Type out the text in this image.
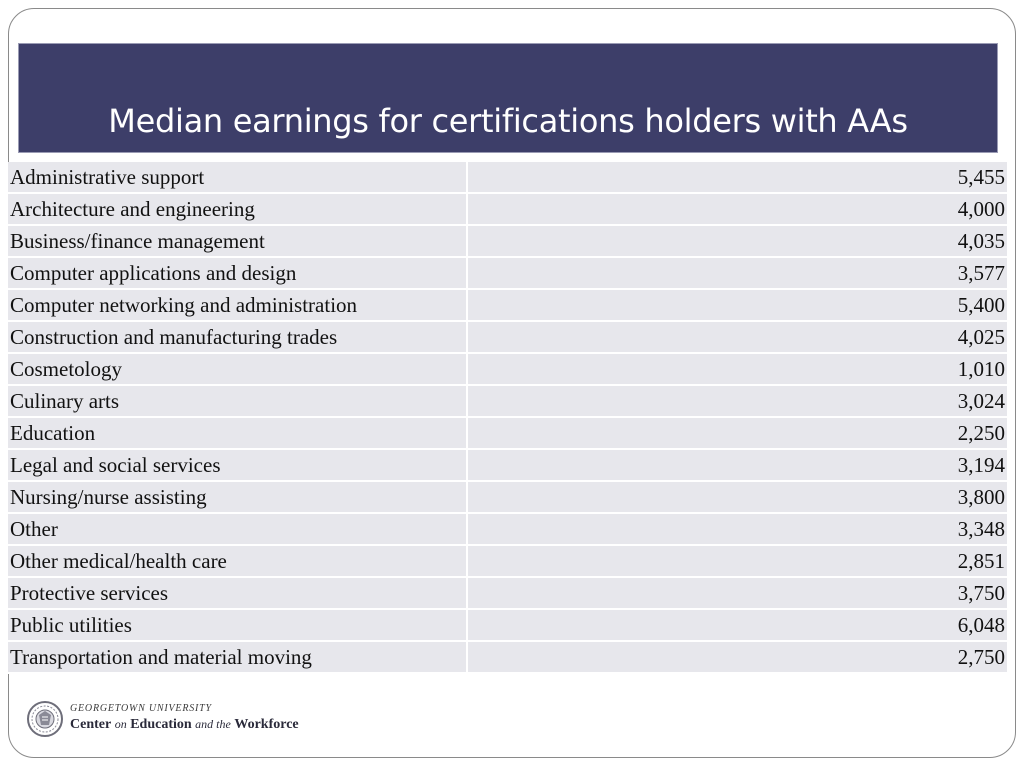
Median earnings for certifications holders with AAs
Administrative support	5,455
Architecture and engineering	4,000
Business/finance management	4,035
Computer applications and design	3,577
Computer networking and administration	5,400
Construction and manufacturing trades	4,025
Cosmetology	1,010
Culinary arts	3,024
Education	2,250
Legal and social services	3,194
Nursing/nurse assisting	3,800
Other	3,348
Other medical/health care	2,851
Protective services	3,750
Public utilities	6,048
Transportation and material moving	2,750
GEORGETOWN UNIVERSITY
Center on Education and the Workforce
